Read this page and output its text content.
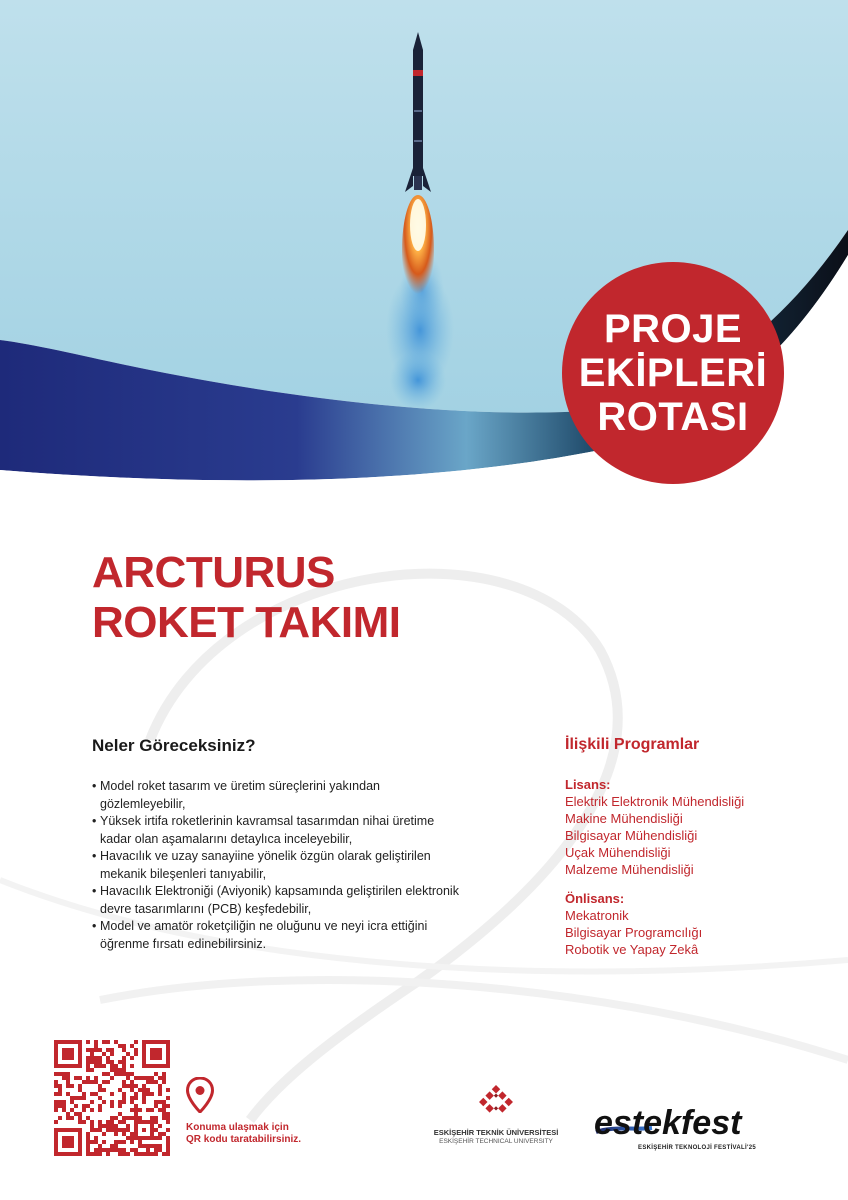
PROJE
EKİPLERİ
ROTASI
ARCTURUS
ROKET TAKIMI
Neler Göreceksiniz?
• Model roket tasarım ve üretim süreçlerini yakından
gözlemleyebilir,
• Yüksek irtifa roketlerinin kavramsal tasarımdan nihai üretime
kadar olan aşamalarını detaylıca inceleyebilir,
• Havacılık ve uzay sanayiine yönelik özgün olarak geliştirilen
mekanik bileşenleri tanıyabilir,
• Havacılık Elektroniği (Aviyonik) kapsamında geliştirilen elektronik
devre tasarımlarını (PCB) keşfedebilir,
• Model ve amatör roketçiliğin ne oluğunu ve neyi icra ettiğini
öğrenme fırsatı edinebilirsiniz.
İlişkili Programlar
Lisans:
Elektrik Elektronik Mühendisliği
Makine Mühendisliği
Bilgisayar Mühendisliği
Uçak Mühendisliği
Malzeme Mühendisliği
Önlisans:
Mekatronik
Bilgisayar Programcılığı
Robotik ve Yapay Zekâ
Konuma ulaşmak için
QR kodu taratabilirsiniz.
ESKİŞEHİR TEKNİK ÜNİVERSİTESİ
ESKİŞEHİR TECHNICAL UNIVERSITY	estekfest
ESKİŞEHİR TEKNOLOJİ FESTİVALİ'25
